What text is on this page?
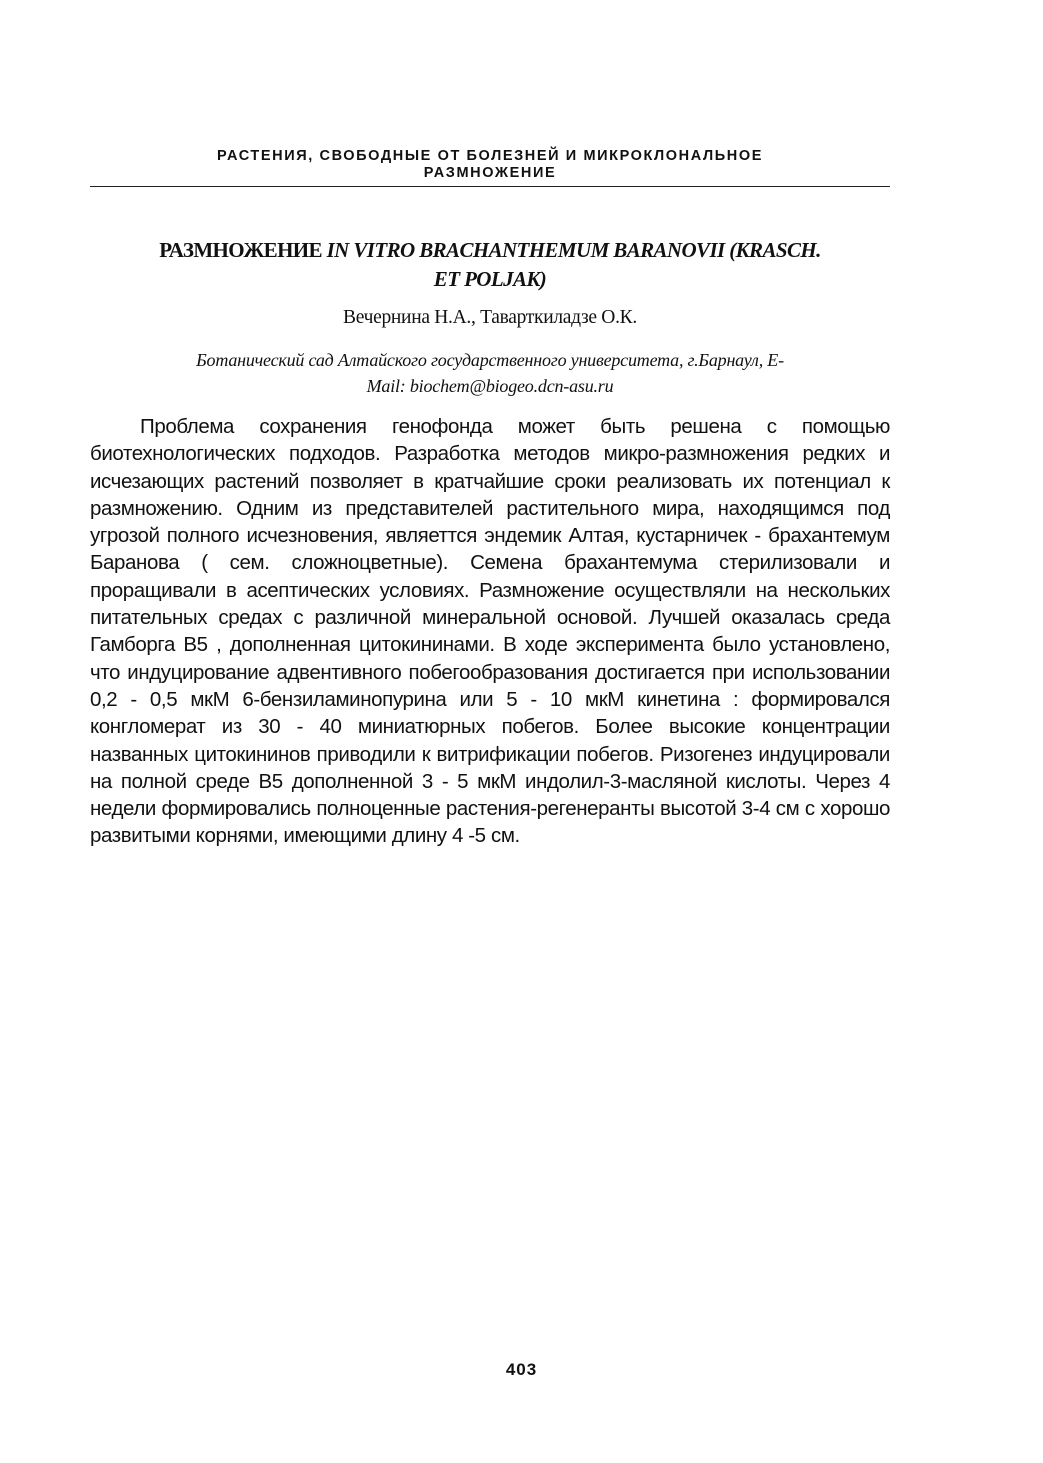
РАСТЕНИЯ, СВОБОДНЫЕ ОТ БОЛЕЗНЕЙ И МИКРОКЛОНАЛЬНОЕ
РАЗМНОЖЕНИЕ
РАЗМНОЖЕНИЕ IN VITRO BRACHANTHEMUM BARANOVII (KRASCH.
ET POLJAK)
Вечернина Н.А., Таварткиладзе О.К.
Ботанический сад Алтайского государственного университета, г.Барнаул, E-
Mail: biochem@biogeo.dcn-asu.ru

Проблема сохранения генофонда может быть решена с помощью биотехнологических подходов. Разработка методов микро-размножения редких и исчезающих растений позволяет в кратчайшие сроки реализовать их потенциал к размножению. Одним из представителей растительного мира, находящимся под угрозой полного исчезновения, являеттся эндемик Алтая, кустарничек - брахантемум Баранова ( сем. сложноцветные). Семена брахантемума стерилизовали и проращивали в асептических условиях. Размножение осуществляли на нескольких питательных средах с различной минеральной основой. Лучшей оказалась среда Гамборга В5 , дополненная цитокининами. В ходе эксперимента было установлено, что индуцирование адвентивного побегообразования достигается при использовании 0,2 - 0,5 мкМ 6-бензиламинопурина или 5 - 10 мкМ кинетина : формировался конгломерат из 30 - 40 миниатюрных побегов. Более высокие концентрации названных цитокининов приводили к витрификации побегов. Ризогенез индуцировали на полной среде В5 дополненной 3 - 5 мкМ индолил-3-масляной кислоты. Через 4 недели формировались полноценные растения-регенеранты высотой 3-4 см с хорошо развитыми корнями, имеющими длину 4 -5 см.

403
